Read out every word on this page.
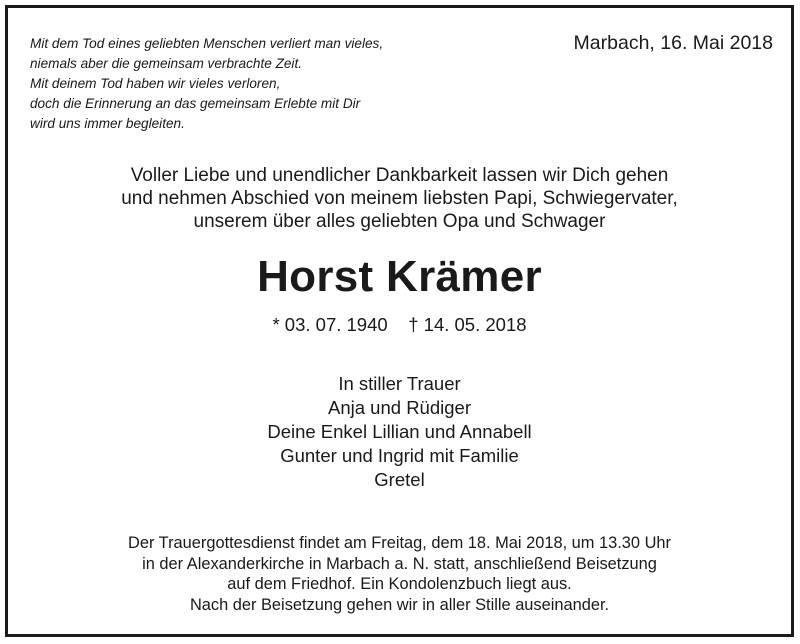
Mit dem Tod eines geliebten Menschen verliert man vieles,
niemals aber die gemeinsam verbrachte Zeit.
Mit deinem Tod haben wir vieles verloren,
doch die Erinnerung an das gemeinsam Erlebte mit Dir
wird uns immer begleiten.
Marbach, 16. Mai 2018
Voller Liebe und unendlicher Dankbarkeit lassen wir Dich gehen
und nehmen Abschied von meinem liebsten Papi, Schwiegervater,
unserem über alles geliebten Opa und Schwager
Horst Krämer
* 03. 07. 1940    † 14. 05. 2018
In stiller Trauer
Anja und Rüdiger
Deine Enkel Lillian und Annabell
Gunter und Ingrid mit Familie
Gretel
Der Trauergottesdienst findet am Freitag, dem 18. Mai 2018, um 13.30 Uhr
in der Alexanderkirche in Marbach a. N. statt, anschließend Beisetzung
auf dem Friedhof. Ein Kondolenzbuch liegt aus.
Nach der Beisetzung gehen wir in aller Stille auseinander.
